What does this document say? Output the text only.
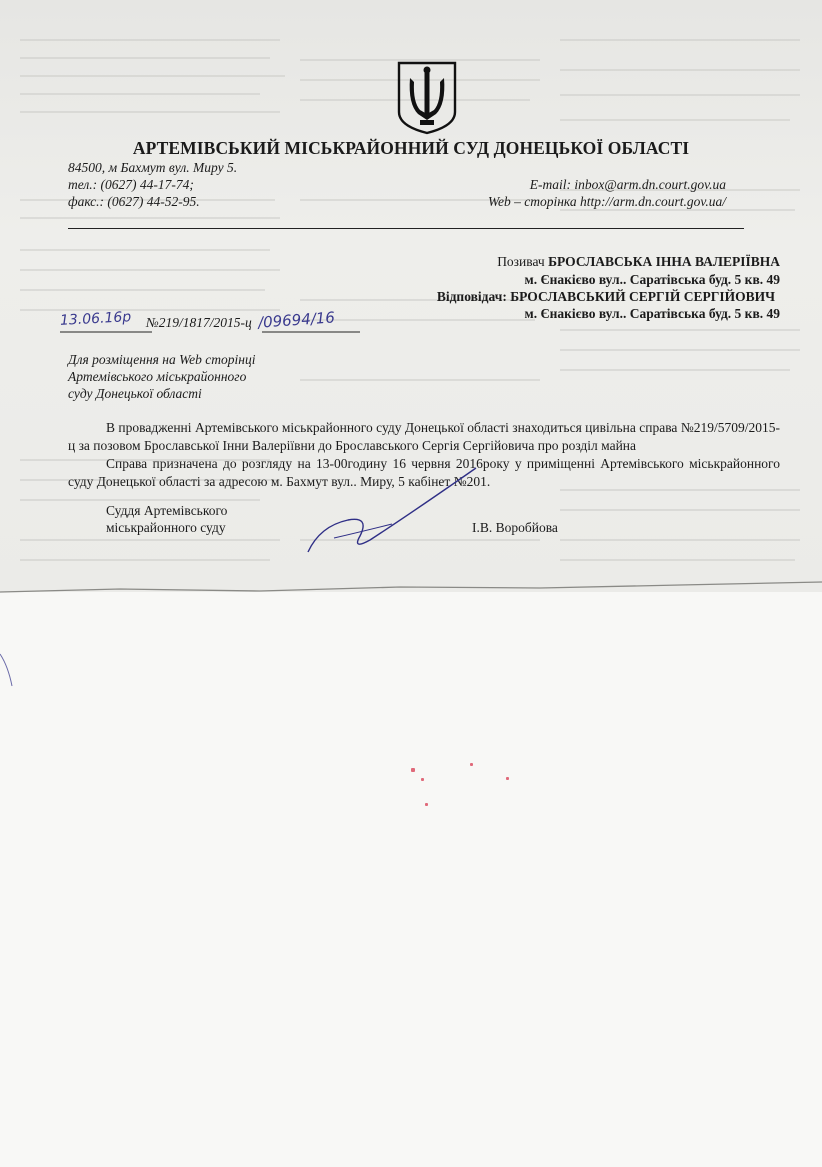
АРТЕМІВСЬКИЙ МІСЬКРАЙОННИЙ СУД ДОНЕЦЬКОЇ ОБЛАСТІ
84500, м Бахмут вул. Миру 5.
тел.: (0627) 44-17-74;
факс.: (0627) 44-52-95.
E-mail: inbox@arm.dn.court.gov.ua
Web – сторінка http://arm.dn.court.gov.ua/
Позивач БРОСЛАВСЬКА ІННА ВАЛЕРІЇВНА
м. Єнакієво вул.. Саратівська буд. 5 кв. 49
Відповідач: БРОСЛАВСЬКИЙ СЕРГІЙ СЕРГІЙОВИЧ
м. Єнакієво вул.. Саратівська буд. 5 кв. 49
13.06.16р №219/1817/2015-ц /09694/16
Для розміщення на Web сторінці
Артемівського міськрайонного
суду Донецької області
В провадженні Артемівського міськрайонного суду Донецької області знаходиться цивільна справа №219/5709/2015-ц за позовом Брославської Інни Валеріївни до Брославського Сергія Сергійовича про розділ майна
Справа призначена до розгляду на 13-00годину 16 червня 2016року у приміщенні Артемівського міськрайонного суду Донецької області за адресою м. Бахмут вул.. Миру, 5 кабінет №201.
Суддя Артемівського
міськрайонного суду	І.В. Воробйова
